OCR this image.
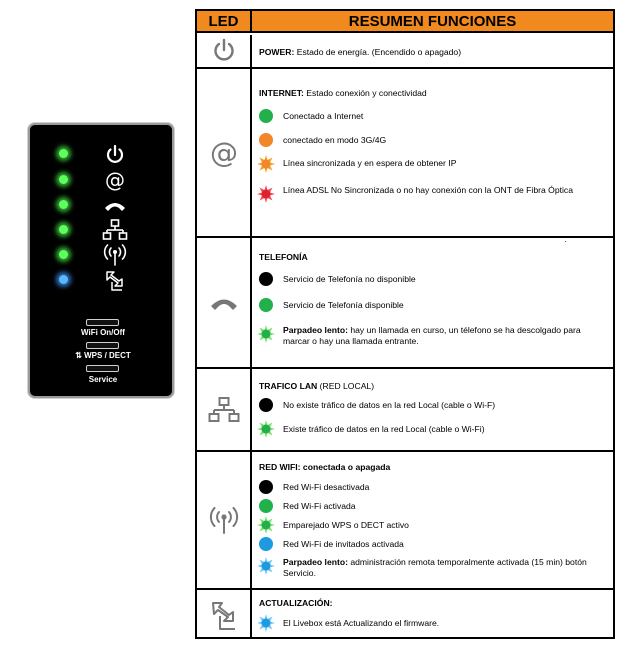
@
WiFi On/Off
⇅ WPS / DECT
Service
LED	RESUMEN FUNCIONES
POWER: Estado de energía. (Encendido o apagado)
@
INTERNET: Estado conexión y conectividad
Conectado a Internet
conectado en modo 3G/4G
Línea sincronizada y en espera de obtener IP
Línea ADSL No Sincronizada o no hay conexión con la ONT de Fibra Óptica
TELEFONÍA
·
Servicio de Telefonía no disponible
Servicio de Telefonía disponible
Parpadeo lento: hay un llamada en curso, un télefono se ha descolgado para marcar o hay una llamada entrante.
TRAFICO LAN (RED LOCAL)
No existe tráfico de datos en la red Local (cable o Wi-F)
Existe tráfico de datos en la red Local (cable o Wi-Fi)
RED WIFI: conectada o apagada
Red Wi-Fi desactivada
Red Wi-Fi activada
Emparejado WPS o DECT activo
Red Wi-Fi de invitados activada
Parpadeo lento: administración remota temporalmente activada (15 min) botón Servicio.
ACTUALIZACIÓN:
El Livebox está Actualizando el firmware.
